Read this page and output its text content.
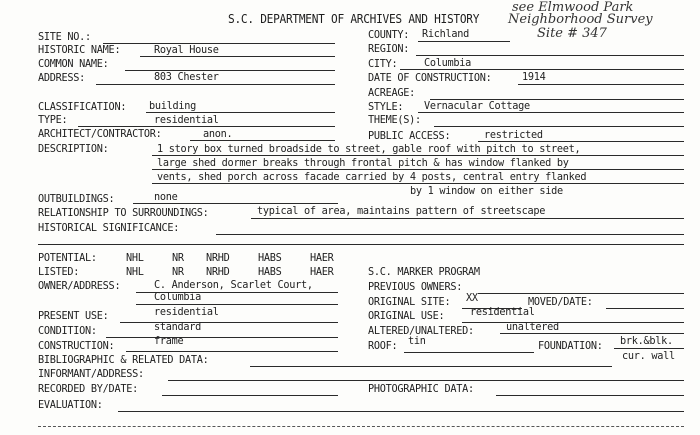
S.C. DEPARTMENT OF ARCHIVES AND HISTORY
see Elmwood Park
Neighborhood Survey
Site # 347
SITE NO.:
HISTORIC NAME:	Royal House
COMMON NAME:
ADDRESS:	803 Chester
COUNTY: Richland
REGION:
CITY: Columbia
DATE OF CONSTRUCTION:	1914
ACREAGE:
CLASSIFICATION: building
TYPE:	residential
ARCHITECT/CONTRACTOR:	anon.
STYLE: Vernacular Cottage
THEME(S):
PUBLIC ACCESS:	restricted
DESCRIPTION:	1 story box turned broadside to street, gable roof with pitch to street,
large shed dormer breaks through frontal pitch & has window flanked by
vents, shed porch across facade carried by 4 posts, central entry flanked
by 1 window on either side
OUTBUILDINGS:	none
RELATIONSHIP TO SURROUNDINGS:	typical of area, maintains pattern of streetscape
HISTORICAL SIGNIFICANCE:
POTENTIAL:	NHL	NR NRHD	HABS	HAER
LISTED:	NHL	NR NRHD	HABS	HAER	S.C. MARKER PROGRAM
OWNER/ADDRESS:	C. Anderson, Scarlet Court,
Columbia
PREVIOUS OWNERS:
ORIGINAL SITE: XX	MOVED/DATE:
PRESENT USE:	residential	ORIGINAL USE: residential
CONDITION:	standard	ALTERED/UNALTERED:	unaltered
CONSTRUCTION:	frame	ROOF: tin	FOUNDATION: brk.&blk.
cur. wall
BIBLIOGRAPHIC & RELATED DATA:
INFORMANT/ADDRESS:
RECORDED BY/DATE:	PHOTOGRAPHIC DATA:
EVALUATION:
